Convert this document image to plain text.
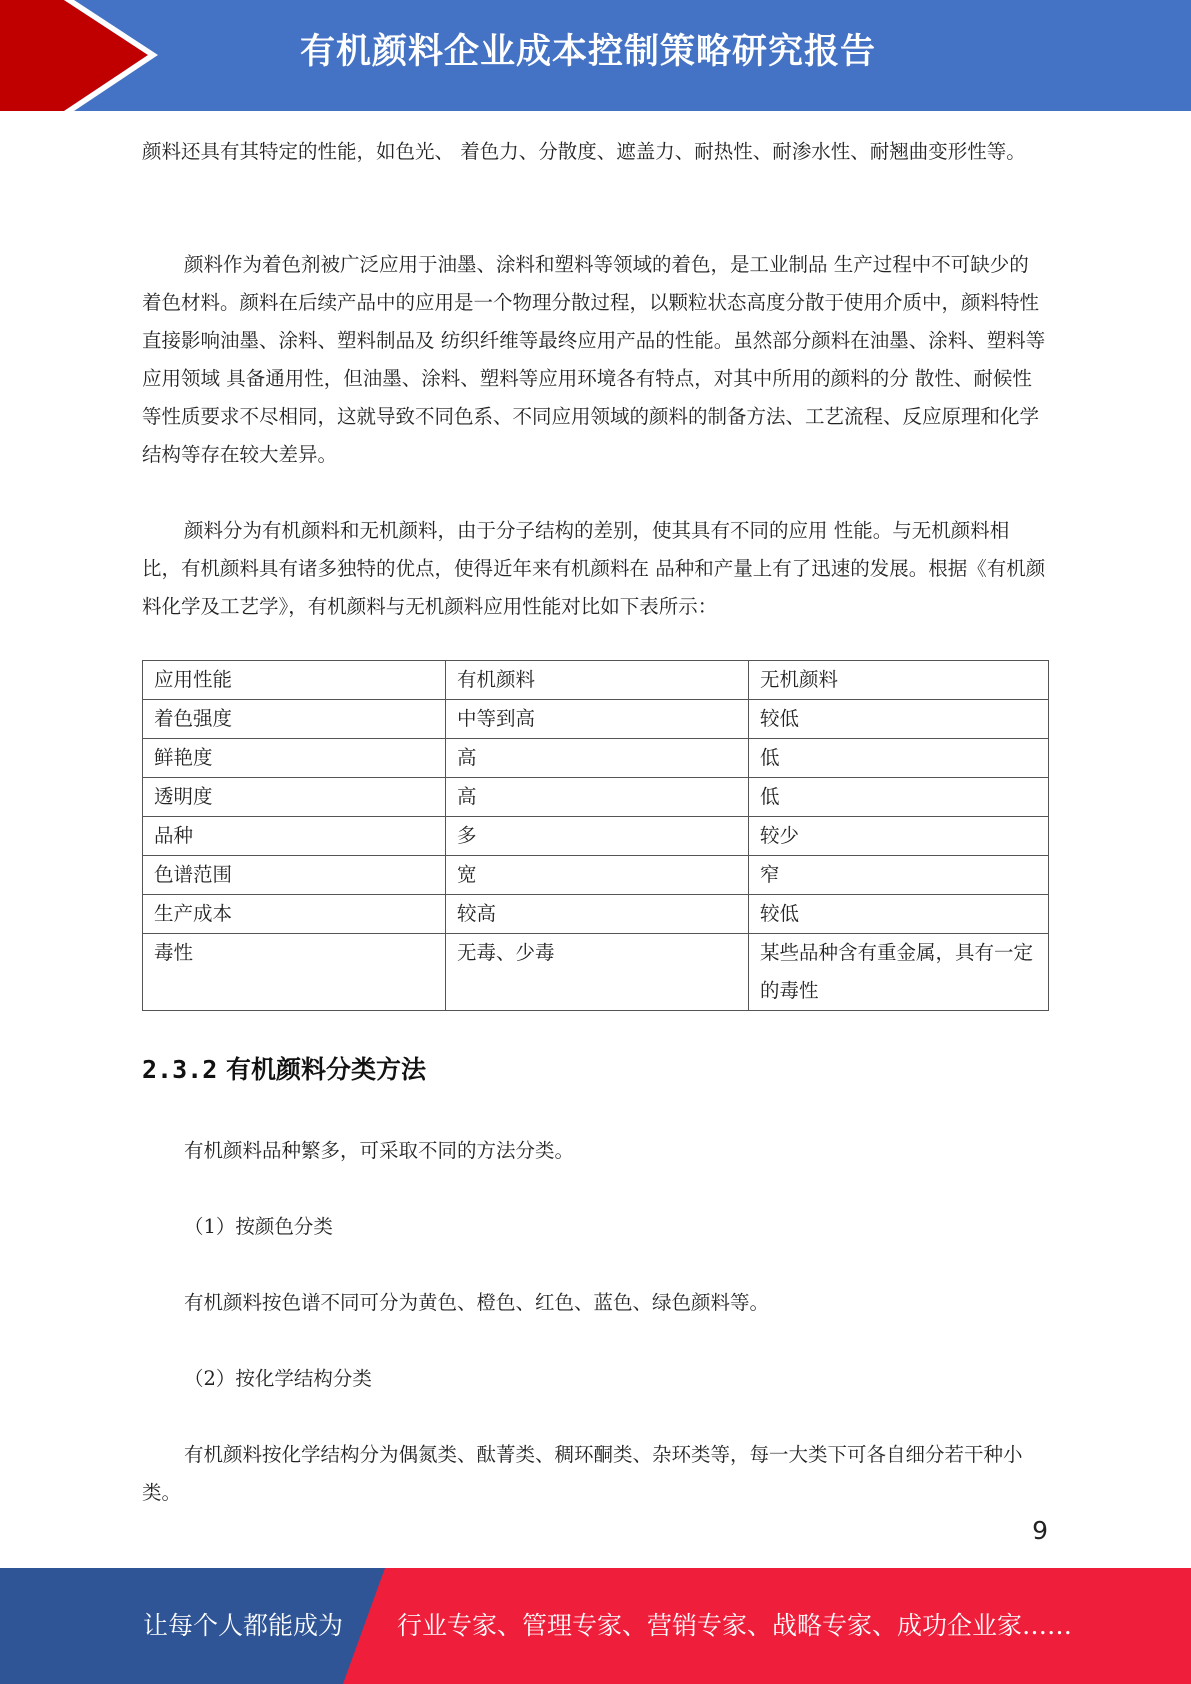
有机颜料企业成本控制策略研究报告

颜料还具有其特定的性能，如色光、 着色力、分散度、遮盖力、耐热性、耐渗水性、耐翘曲变形性等。

颜料作为着色剂被广泛应用于油墨、涂料和塑料等领域的着色，是工业制品 生产过程中不可缺少的着色材料。颜料在后续产品中的应用是一个物理分散过程，以颗粒状态高度分散于使用介质中，颜料特性直接影响油墨、涂料、塑料制品及 纺织纤维等最终应用产品的性能。虽然部分颜料在油墨、涂料、塑料等应用领域 具备通用性，但油墨、涂料、塑料等应用环境各有特点，对其中所用的颜料的分 散性、耐候性等性质要求不尽相同，这就导致不同色系、不同应用领域的颜料的制备方法、工艺流程、反应原理和化学结构等存在较大差异。

颜料分为有机颜料和无机颜料，由于分子结构的差别，使其具有不同的应用 性能。与无机颜料相比，有机颜料具有诸多独特的优点，使得近年来有机颜料在 品种和产量上有了迅速的发展。根据《有机颜料化学及工艺学》，有机颜料与无机颜料应用性能对比如下表所示：

应用性能	有机颜料	无机颜料
着色强度	中等到高	较低
鲜艳度	高	低
透明度	高	低
品种	多	较少
色谱范围	宽	窄
生产成本	较高	较低
毒性	无毒、少毒	某些品种含有重金属，具有一定的毒性
2.3.2 有机颜料分类方法

有机颜料品种繁多，可采取不同的方法分类。

（1）按颜色分类

有机颜料按色谱不同可分为黄色、橙色、红色、蓝色、绿色颜料等。

（2）按化学结构分类

有机颜料按化学结构分为偶氮类、酞菁类、稠环酮类、杂环类等，每一大类下可各自细分若干种小类。

9
让每个人都能成为 行业专家、管理专家、营销专家、战略专家、成功企业家……
